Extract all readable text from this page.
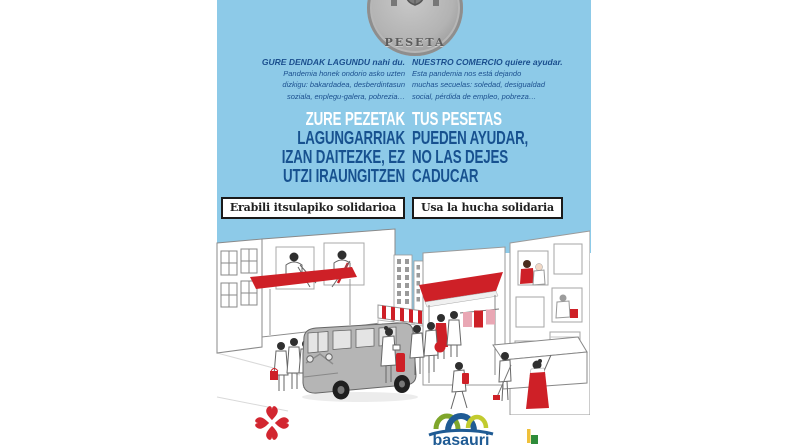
PESETA
GURE DENDAK LAGUNDU nahi du.
Pandemia honek ondorio asko uzten
dizkigu: bakardadea, desberdintasun
soziala, enplegu-galera, pobrezia…
ZURE PEZETAK
LAGUNGARRIAK
IZAN DAITEZKE, EZ
UTZI IRAUNGITZEN
Erabili itsulapiko solidarioa
NUESTRO COMERCIO quiere ayudar.
Esta pandemia nos está dejando
muchas secuelas: soledad, desigualdad
social, pérdida de empleo, pobreza…
TUS PESETAS
PUEDEN AYUDAR,
NO LAS DEJES
CADUCAR
Usa la hucha solidaria
basauri
